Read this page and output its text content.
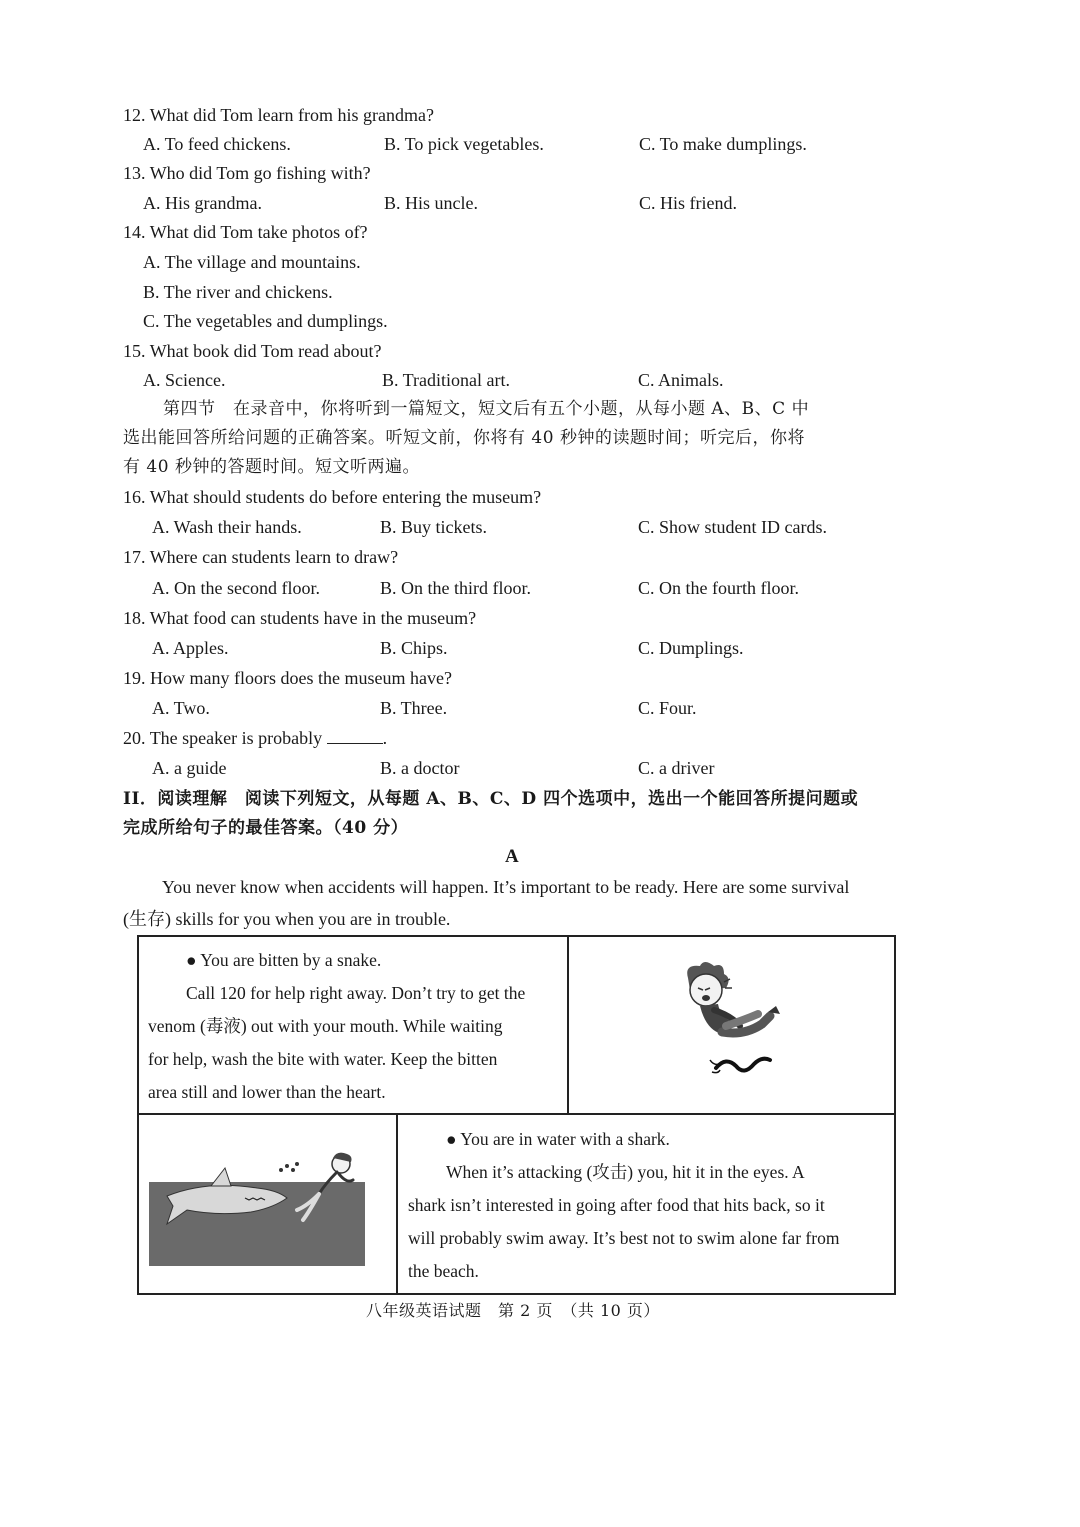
12. What did Tom learn from his grandma?
A. To feed chickens.	B. To pick vegetables.	C. To make dumplings.
13. Who did Tom go fishing with?
A. His grandma.	B. His uncle.	C. His friend.
14. What did Tom take photos of?
A. The village and mountains.
B. The river and chickens.
C. The vegetables and dumplings.
15. What book did Tom read about?
A. Science.	B. Traditional art.	C. Animals.
第四节　在录音中，你将听到一篇短文，短文后有五个小题，从每小题 A、B、C 中
选出能回答所给问题的正确答案。听短文前，你将有 40 秒钟的读题时间；听完后，你将
有 40 秒钟的答题时间。短文听两遍。
16. What should students do before entering the museum?
A. Wash their hands.	B. Buy tickets.	C. Show student ID cards.
17. Where can students learn to draw?
A. On the second floor.	B. On the third floor.	C. On the fourth floor.
18. What food can students have in the museum?
A. Apples.	B. Chips.	C. Dumplings.
19. How many floors does the museum have?
A. Two.	B. Three.	C. Four.
20. The speaker is probably	.
A. a guide	B. a doctor	C. a driver
II．阅读理解　阅读下列短文，从每题 A、B、C、D 四个选项中，选出一个能回答所提问题或
完成所给句子的最佳答案。（40 分）
A
You never know when accidents will happen. It’s important to be ready. Here are some survival
(生存) skills for you when you are in trouble.

● You are bitten by a snake.

Call 120 for help right away. Don’t try to get the

venom (毒液) out with your mouth. While waiting

for help, wash the bite with water. Keep the bitten

area still and lower than the heart.

● You are in water with a shark.

When it’s attacking (攻击) you, hit it in the eyes. A

shark isn’t interested in going after food that hits back, so it

will probably swim away. It’s best not to swim alone far from

the beach.

八年级英语试题　第 2 页　（共 10 页）
